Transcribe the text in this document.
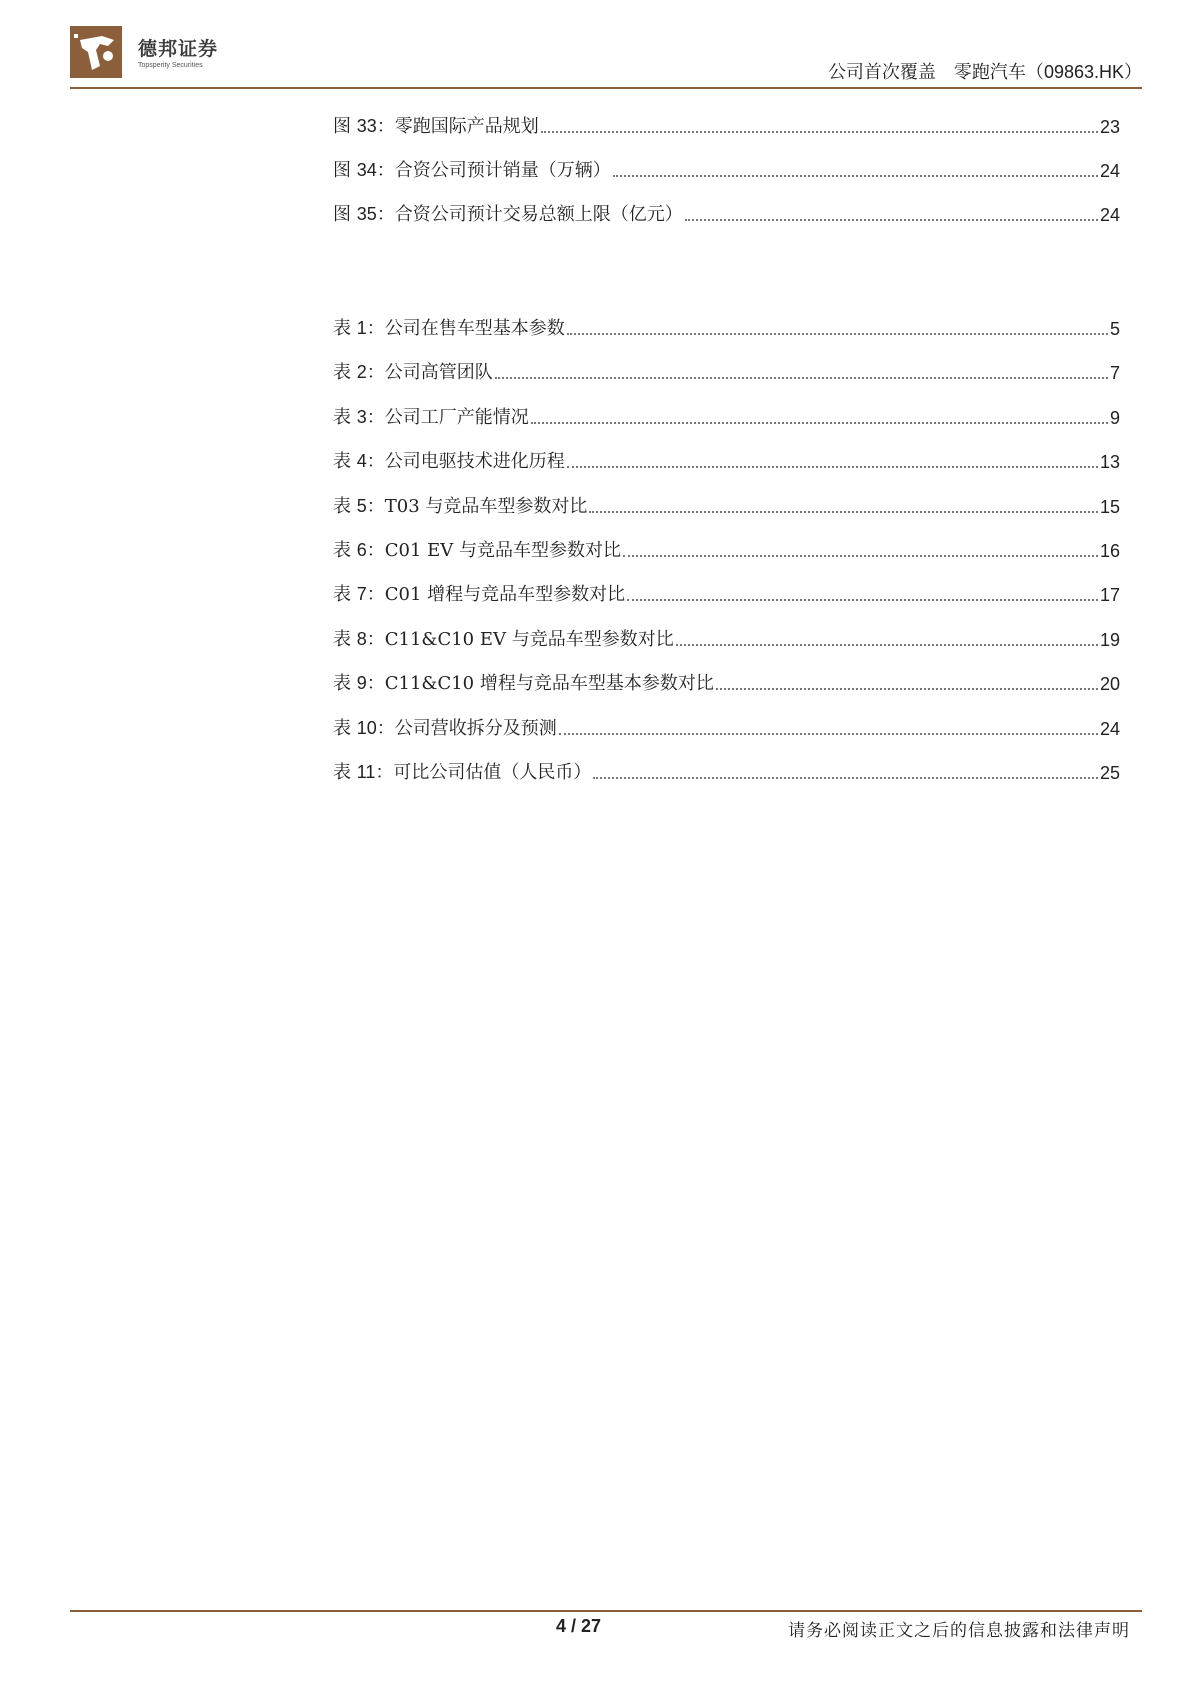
德邦证券
Topsperity Securities	公司首次覆盖　零跑汽车（09863.HK）
图 33：零跑国际产品规划	23
图 34：合资公司预计销量（万辆）	24
图 35：合资公司预计交易总额上限（亿元）	24
表 1：公司在售车型基本参数	5
表 2：公司高管团队	7
表 3：公司工厂产能情况	9
表 4：公司电驱技术进化历程	13
表 5：T03 与竞品车型参数对比	15
表 6：C01 EV 与竞品车型参数对比	16
表 7：C01 增程与竞品车型参数对比	17
表 8：C11&C10 EV 与竞品车型参数对比	19
表 9：C11&C10 增程与竞品车型基本参数对比	20
表 10：公司营收拆分及预测	24
表 11：可比公司估值（人民币）	25
4 / 27	请务必阅读正文之后的信息披露和法律声明
